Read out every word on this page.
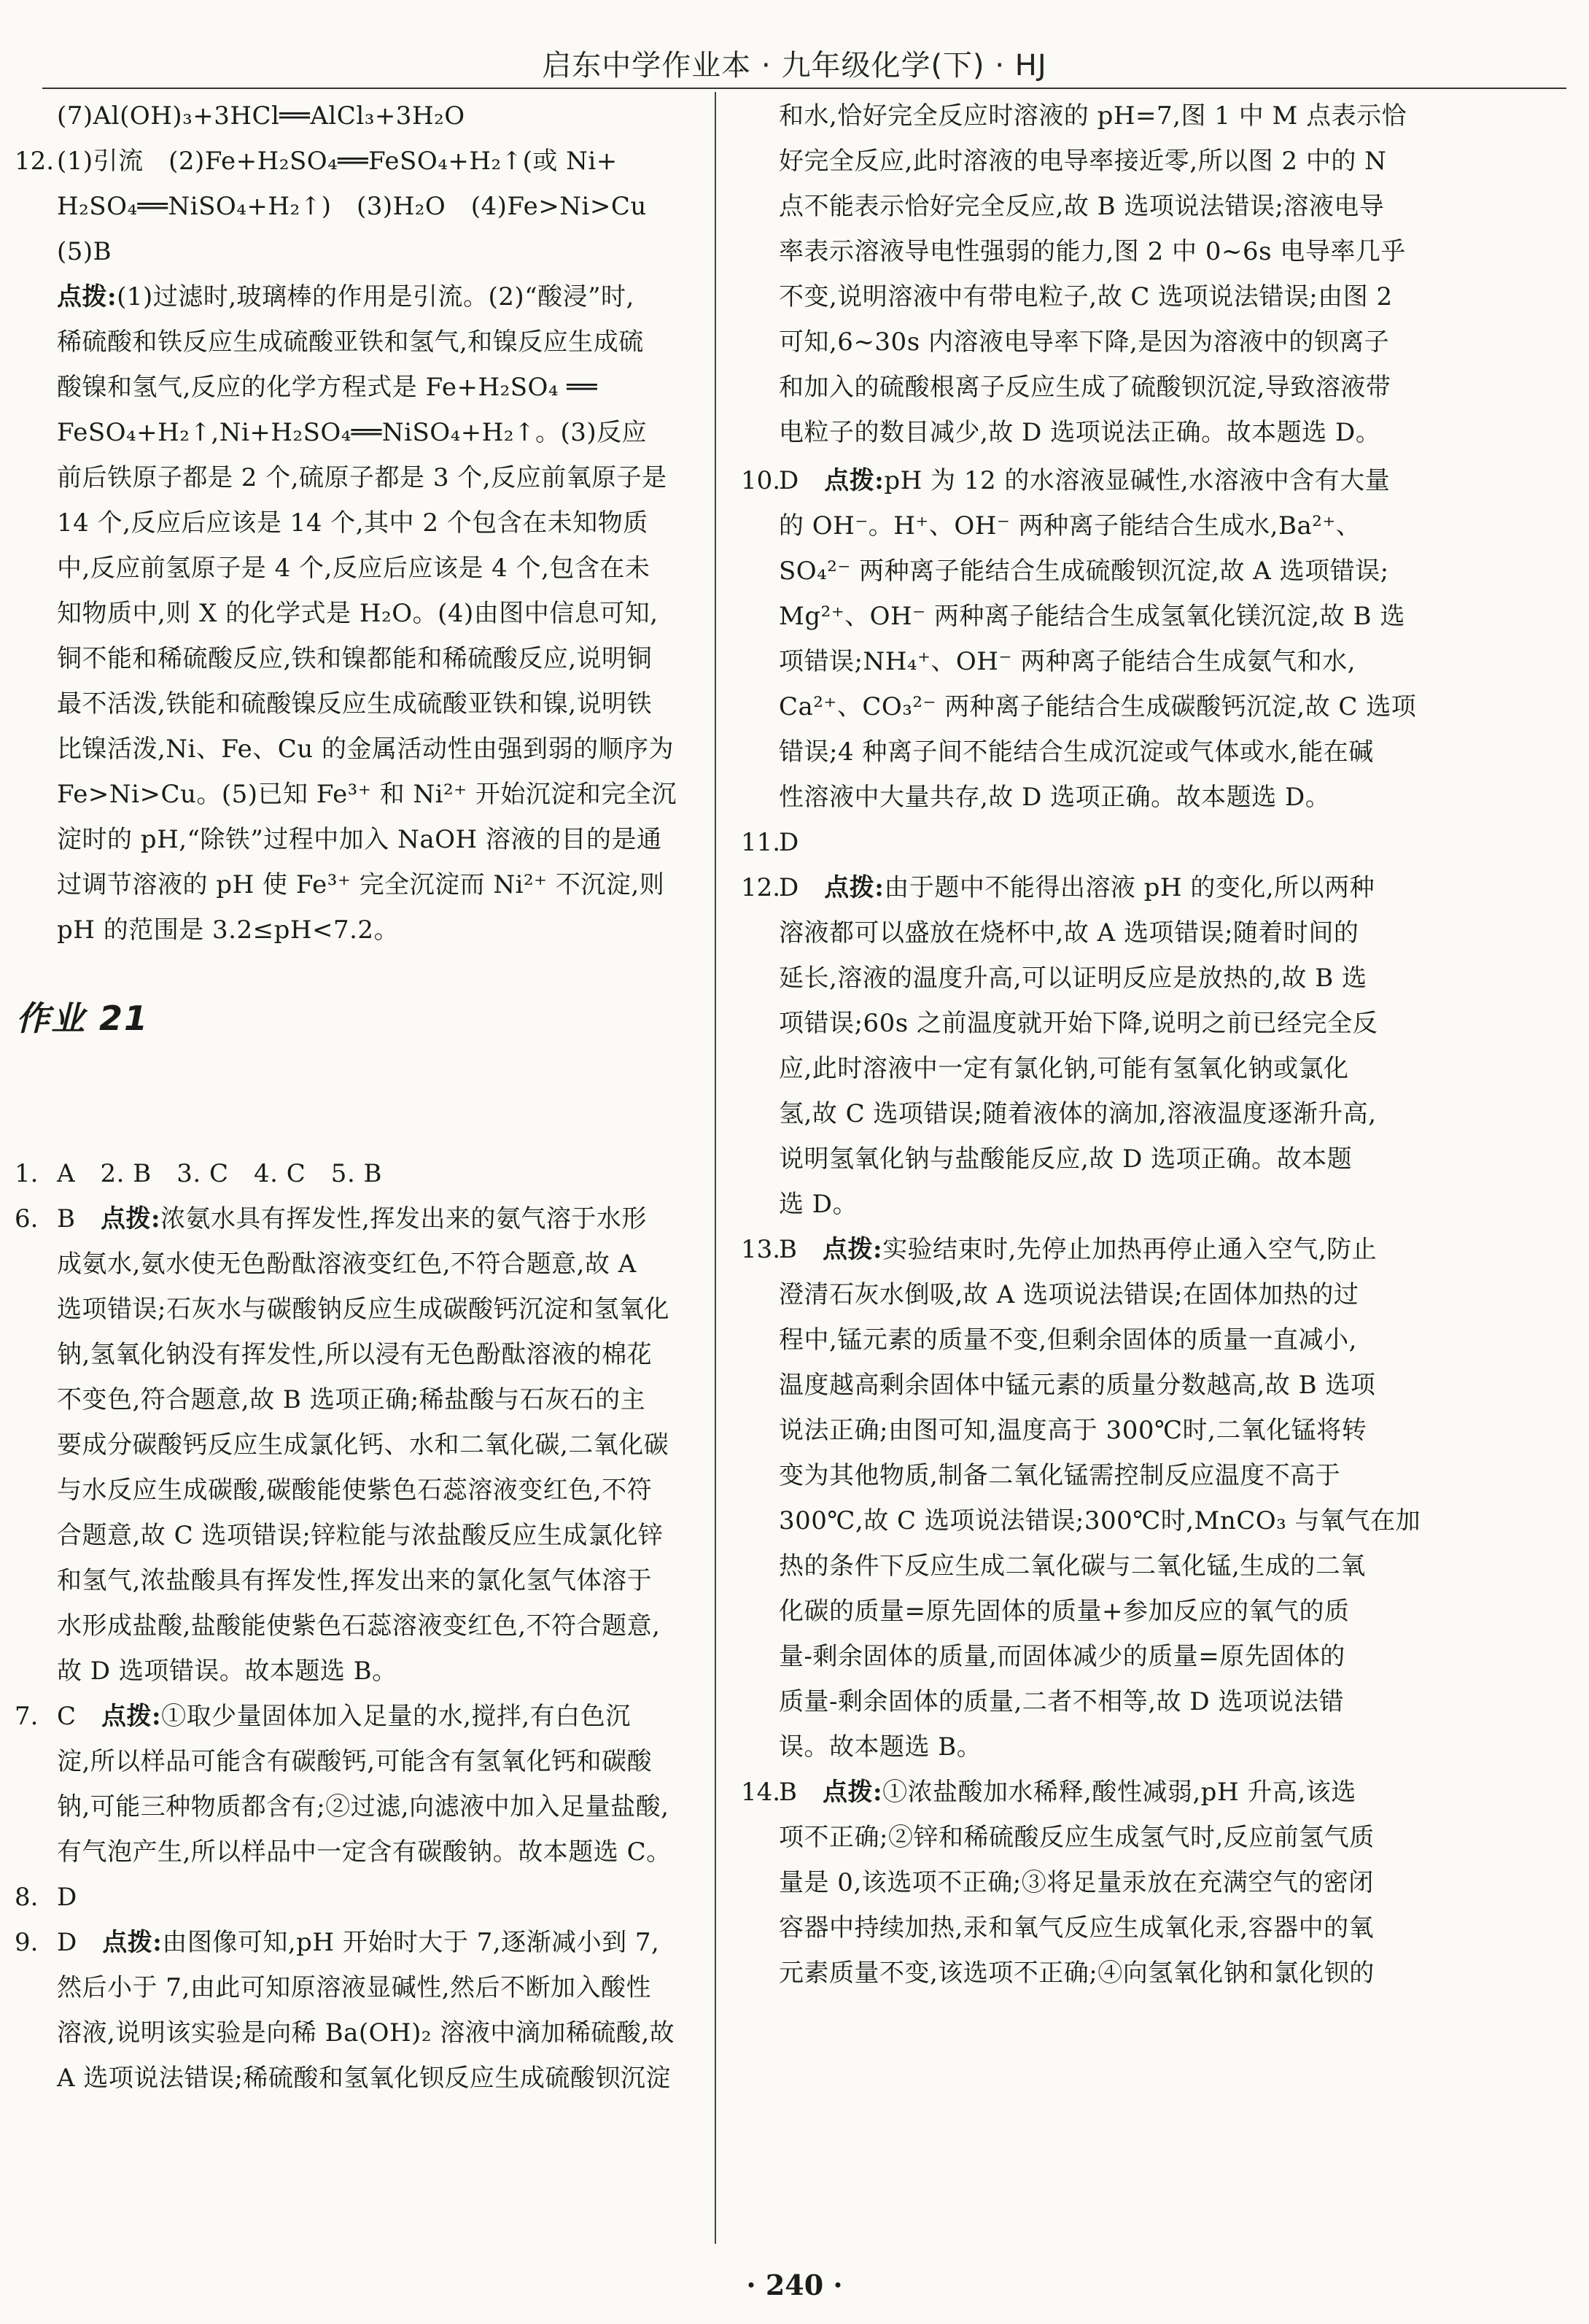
启东中学作业本 · 九年级化学(下) · HJ
(7)Al(OH)₃+3HCl══AlCl₃+3H₂O
12. (1)引流　(2)Fe+H₂SO₄══FeSO₄+H₂↑(或 Ni+
H₂SO₄══NiSO₄+H₂↑)　(3)H₂O　(4)Fe>Ni>Cu
(5)B
点拨:(1)过滤时,玻璃棒的作用是引流。(2)“酸浸”时,
稀硫酸和铁反应生成硫酸亚铁和氢气,和镍反应生成硫
酸镍和氢气,反应的化学方程式是 Fe+H₂SO₄ ══
FeSO₄+H₂↑,Ni+H₂SO₄══NiSO₄+H₂↑。(3)反应
前后铁原子都是 2 个,硫原子都是 3 个,反应前氧原子是
14 个,反应后应该是 14 个,其中 2 个包含在未知物质
中,反应前氢原子是 4 个,反应后应该是 4 个,包含在未
知物质中,则 X 的化学式是 H₂O。(4)由图中信息可知,
铜不能和稀硫酸反应,铁和镍都能和稀硫酸反应,说明铜
最不活泼,铁能和硫酸镍反应生成硫酸亚铁和镍,说明铁
比镍活泼,Ni、Fe、Cu 的金属活动性由强到弱的顺序为
Fe>Ni>Cu。(5)已知 Fe³⁺ 和 Ni²⁺ 开始沉淀和完全沉
淀时的 pH,“除铁”过程中加入 NaOH 溶液的目的是通
过调节溶液的 pH 使 Fe³⁺ 完全沉淀而 Ni²⁺ 不沉淀,则
pH 的范围是 3.2≤pH<7.2。
1. A　2. B　3. C　4. C　5. B
6. B　点拨:浓氨水具有挥发性,挥发出来的氨气溶于水形
成氨水,氨水使无色酚酞溶液变红色,不符合题意,故 A
选项错误;石灰水与碳酸钠反应生成碳酸钙沉淀和氢氧化
钠,氢氧化钠没有挥发性,所以浸有无色酚酞溶液的棉花
不变色,符合题意,故 B 选项正确;稀盐酸与石灰石的主
要成分碳酸钙反应生成氯化钙、水和二氧化碳,二氧化碳
与水反应生成碳酸,碳酸能使紫色石蕊溶液变红色,不符
合题意,故 C 选项错误;锌粒能与浓盐酸反应生成氯化锌
和氢气,浓盐酸具有挥发性,挥发出来的氯化氢气体溶于
水形成盐酸,盐酸能使紫色石蕊溶液变红色,不符合题意,
故 D 选项错误。故本题选 B。
7. C　点拨:①取少量固体加入足量的水,搅拌,有白色沉
淀,所以样品可能含有碳酸钙,可能含有氢氧化钙和碳酸
钠,可能三种物质都含有;②过滤,向滤液中加入足量盐酸,
有气泡产生,所以样品中一定含有碳酸钠。故本题选 C。
8. D
9. D　点拨:由图像可知,pH 开始时大于 7,逐渐减小到 7,
然后小于 7,由此可知原溶液显碱性,然后不断加入酸性
溶液,说明该实验是向稀 Ba(OH)₂ 溶液中滴加稀硫酸,故
A 选项说法错误;稀硫酸和氢氧化钡反应生成硫酸钡沉淀
作业 21
和水,恰好完全反应时溶液的 pH=7,图 1 中 M 点表示恰
好完全反应,此时溶液的电导率接近零,所以图 2 中的 N
点不能表示恰好完全反应,故 B 选项说法错误;溶液电导
率表示溶液导电性强弱的能力,图 2 中 0~6s 电导率几乎
不变,说明溶液中有带电粒子,故 C 选项说法错误;由图 2
可知,6~30s 内溶液电导率下降,是因为溶液中的钡离子
和加入的硫酸根离子反应生成了硫酸钡沉淀,导致溶液带
电粒子的数目减少,故 D 选项说法正确。故本题选 D。
10.
D　点拨:pH 为 12 的水溶液显碱性,水溶液中含有大量
的 OH⁻。H⁺、OH⁻ 两种离子能结合生成水,Ba²⁺、
SO₄²⁻ 两种离子能结合生成硫酸钡沉淀,故 A 选项错误;
Mg²⁺、OH⁻ 两种离子能结合生成氢氧化镁沉淀,故 B 选
项错误;NH₄⁺、OH⁻ 两种离子能结合生成氨气和水,
Ca²⁺、CO₃²⁻ 两种离子能结合生成碳酸钙沉淀,故 C 选项
错误;4 种离子间不能结合生成沉淀或气体或水,能在碱
性溶液中大量共存,故 D 选项正确。故本题选 D。
11.
D
12.
D　点拨:由于题中不能得出溶液 pH 的变化,所以两种
溶液都可以盛放在烧杯中,故 A 选项错误;随着时间的
延长,溶液的温度升高,可以证明反应是放热的,故 B 选
项错误;60s 之前温度就开始下降,说明之前已经完全反
应,此时溶液中一定有氯化钠,可能有氢氧化钠或氯化
氢,故 C 选项错误;随着液体的滴加,溶液温度逐渐升高,
说明氢氧化钠与盐酸能反应,故 D 选项正确。故本题
选 D。
13.
B　点拨:实验结束时,先停止加热再停止通入空气,防止
澄清石灰水倒吸,故 A 选项说法错误;在固体加热的过
程中,锰元素的质量不变,但剩余固体的质量一直减小,
温度越高剩余固体中锰元素的质量分数越高,故 B 选项
说法正确;由图可知,温度高于 300℃时,二氧化锰将转
变为其他物质,制备二氧化锰需控制反应温度不高于
300℃,故 C 选项说法错误;300℃时,MnCO₃ 与氧气在加
热的条件下反应生成二氧化碳与二氧化锰,生成的二氧
化碳的质量=原先固体的质量+参加反应的氧气的质
量-剩余固体的质量,而固体减少的质量=原先固体的
质量-剩余固体的质量,二者不相等,故 D 选项说法错
误。故本题选 B。
14.
B　点拨:①浓盐酸加水稀释,酸性减弱,pH 升高,该选
项不正确;②锌和稀硫酸反应生成氢气时,反应前氢气质
量是 0,该选项不正确;③将足量汞放在充满空气的密闭
容器中持续加热,汞和氧气反应生成氧化汞,容器中的氧
元素质量不变,该选项不正确;④向氢氧化钠和氯化钡的
· 240 ·
